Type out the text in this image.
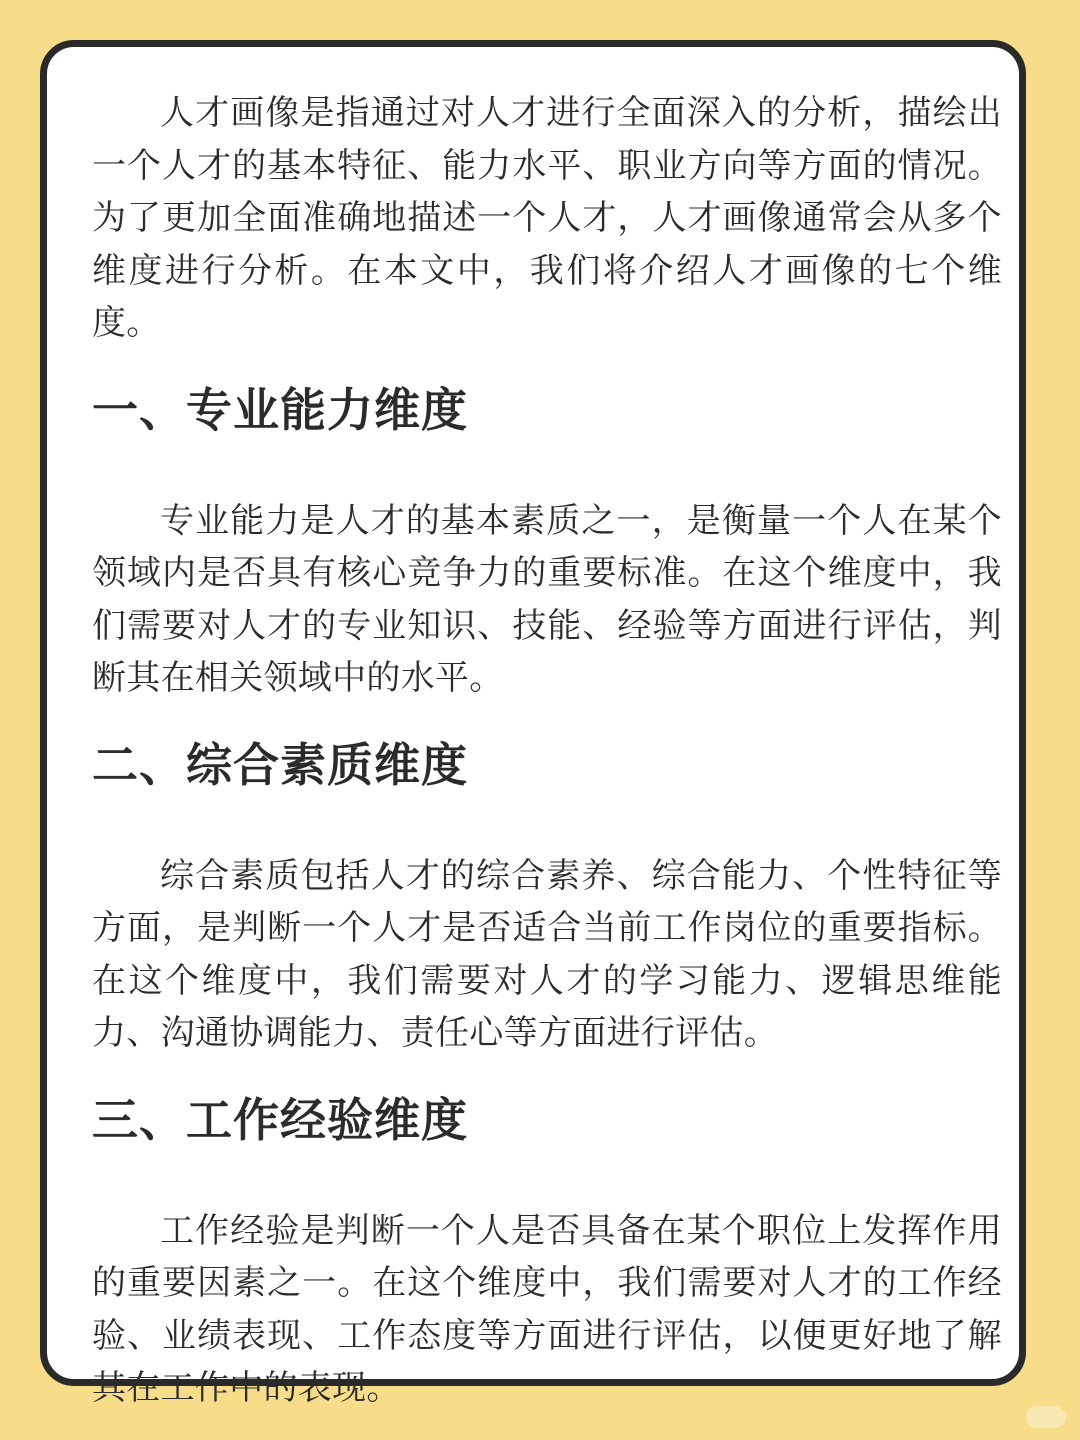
人才画像是指通过对人才进行全面深入的分析，描绘出一个人才的基本特征、能力水平、职业方向等方面的情况。为了更加全面准确地描述一个人才，人才画像通常会从多个维度进行分析。在本文中，我们将介绍人才画像的七个维度。

一、专业能力维度

专业能力是人才的基本素质之一，是衡量一个人在某个领域内是否具有核心竞争力的重要标准。在这个维度中，我们需要对人才的专业知识、技能、经验等方面进行评估，判断其在相关领域中的水平。

二、综合素质维度

综合素质包括人才的综合素养、综合能力、个性特征等方面，是判断一个人才是否适合当前工作岗位的重要指标。在这个维度中，我们需要对人才的学习能力、逻辑思维能力、沟通协调能力、责任心等方面进行评估。

三、工作经验维度

工作经验是判断一个人是否具备在某个职位上发挥作用的重要因素之一。在这个维度中，我们需要对人才的工作经验、业绩表现、工作态度等方面进行评估，以便更好地了解其在工作中的表现。
